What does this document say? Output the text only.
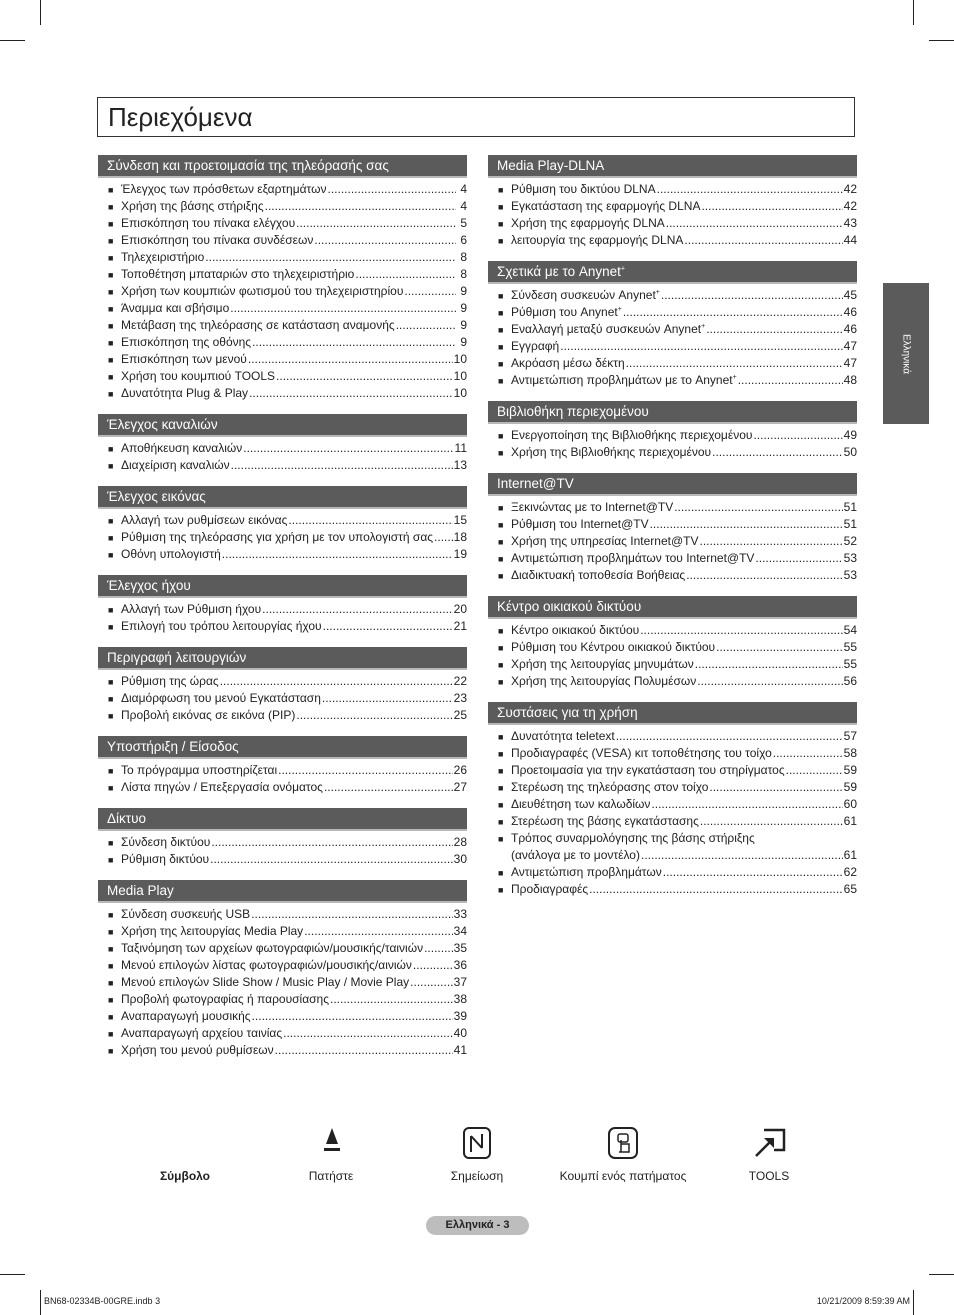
Περιεχόμενα
Σύνδεση και προετοιμασία της τηλεόρασής σας
■ Έλεγχος των πρόσθετων εξαρτημάτων .....	4
■ Χρήση της βάσης στήριξης .....	4
■ Επισκόπηση του πίνακα ελέγχου .....	5
■ Επισκόπηση του πίνακα συνδέσεων .....	6
■ Τηλεχειριστήριο .....	8
■ Τοποθέτηση μπαταριών στο τηλεχειριστήριο .....	8
■ Χρήση των κουμπιών φωτισμού του τηλεχειριστηρίου .....	9
■ Άναμμα και σβήσιμο .....	9
■ Μετάβαση της τηλεόρασης σε κατάσταση αναμονής .....	9
■ Επισκόπηση της οθόνης .....	9
■ Επισκόπηση των μενού .....	10
■ Χρήση του κουμπιού TOOLS .....	10
■ Δυνατότητα Plug & Play .....	10
Έλεγχος καναλιών
■ Αποθήκευση καναλιών .....	11
■ Διαχείριση καναλιών .....	13
Έλεγχος εικόνας
■ Αλλαγή των ρυθμίσεων εικόνας .....	15
■ Ρύθμιση της τηλεόρασης για χρήση με τον υπολογιστή σας ..... 18
■ Οθόνη υπολογιστή .....	19
Έλεγχος ήχου
■ Αλλαγή των Ρύθμιση ήχου .....	20
■ Επιλογή του τρόπου λειτουργίας ήχου .....	21
Περιγραφή λειτουργιών
■ Ρύθμιση της ώρας .....	22
■ Διαμόρφωση του μενού Εγκατάσταση .....	23
■ Προβολή εικόνας σε εικόνα (PIP) .....	25
Υποστήριξη / Είσοδος
■ Το πρόγραμμα υποστηρίζεται .....	26
■ Λίστα πηγών / Επεξεργασία ονόματος .....	27
Δίκτυο
■ Σύνδεση δικτύου .....	28
■ Ρύθμιση δικτύου .....	30
Media Play
■ Σύνδεση συσκευής USB .....	33
■ Χρήση της λειτουργίας Media Play .....	34
■ Ταξινόμηση των αρχείων φωτογραφιών/μουσικής/ταινιών .....	35
■ Μενού επιλογών λίστας φωτογραφιών/μουσικής/αινιών .....	36
■ Μενού επιλογών Slide Show / Music Play / Movie Play .....	37
■ Προβολή φωτογραφίας ή παρουσίασης .....	38
■ Αναπαραγωγή μουσικής .....	39
■ Αναπαραγωγή αρχείου ταινίας .....	40
■ Χρήση του μενού ρυθμίσεων .....	41
Media Play-DLNA
■ Ρύθμιση του δικτύου DLNA .....	42
■ Εγκατάσταση της εφαρμογής DLNA .....	42
■ Χρήση της εφαρμογής DLNA .....	43
■ λειτουργία της εφαρμογής DLNA .....	44
Σχετικά με το Anynet+
■ Σύνδεση συσκευών Anynet+ .....	45
■ Ρύθμιση του Anynet+ .....	46
■ Εναλλαγή μεταξύ συσκευών Anynet+ .....	46
■ Εγγραφή .....	47
■ Ακρόαση μέσω δέκτη .....	47
■ Αντιμετώπιση προβλημάτων με το Anynet+ .....	48
Βιβλιοθήκη περιεχομένου
■ Ενεργοποίηση της Βιβλιοθήκης περιεχομένου .....	49
■ Χρήση της Βιβλιοθήκης περιεχομένου .....	50
Internet@TV
■ Ξεκινώντας με το Internet@TV .....	51
■ Ρύθμιση του Internet@TV .....	51
■ Χρήση της υπηρεσίας Internet@TV .....	52
■ Αντιμετώπιση προβλημάτων του Internet@TV .....	53
■ Διαδικτυακή τοποθεσία Βοήθειας .....	53
Κέντρο οικιακού δικτύου
■ Κέντρο οικιακού δικτύου .....	54
■ Ρύθμιση του Κέντρου οικιακού δικτύου .....	55
■ Χρήση της λειτουργίας μηνυμάτων .....	55
■ Χρήση της λειτουργίας Πολυμέσων .....	56
Συστάσεις για τη χρήση
■ Δυνατότητα teletext .....	57
■ Προδιαγραφές (VESA) κιτ τοποθέτησης του τοίχο .....	58
■ Προετοιμασία για την εγκατάσταση του στηρίγματος .....	59
■ Στερέωση της τηλεόρασης στον τοίχο .....	59
■ Διευθέτηση των καλωδίων .....	60
■ Στερέωση της βάσης εγκατάστασης .....	61
■ Τρόπος συναρμολόγησης της βάσης στήριξης
(ανάλογα με το μοντέλο) .....	61
■ Αντιμετώπιση προβλημάτων .....	62
■ Προδιαγραφές .....	65
Ελληνικά
Σύμβολο	Πατήστε	Σημείωση	Κουμπί ενός πατήματος	TOOLS
Ελληνικά - 3
BN68-02334B-00GRE.indb 3	10/21/2009 8:59:39 AM
